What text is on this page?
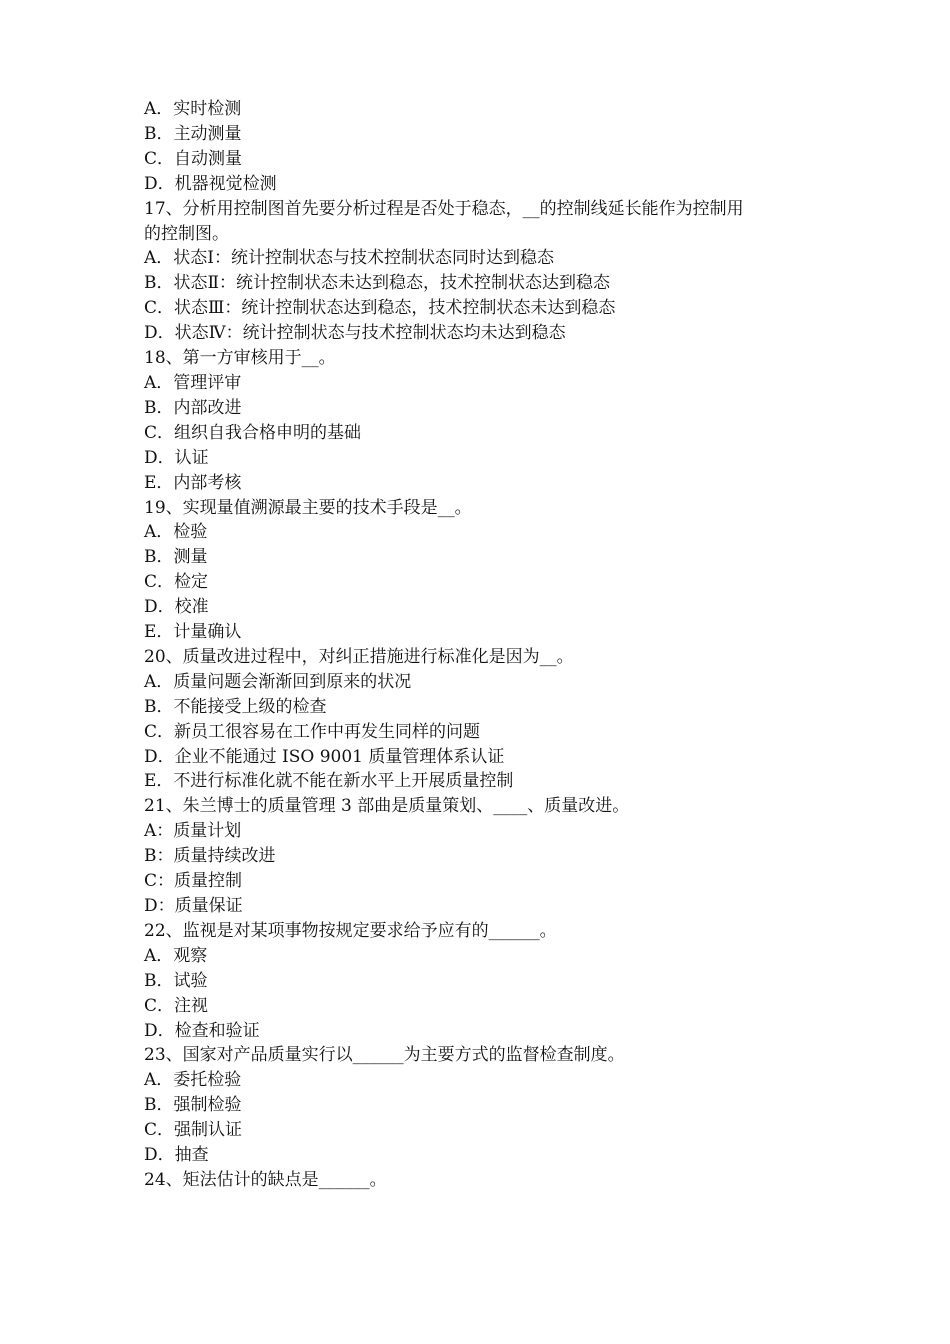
A．实时检测

B．主动测量

C．自动测量

D．机器视觉检测

17、分析用控制图首先要分析过程是否处于稳态，__的控制线延长能作为控制用

的控制图。

A．状态Ⅰ：统计控制状态与技术控制状态同时达到稳态

B．状态Ⅱ：统计控制状态未达到稳态，技术控制状态达到稳态

C．状态Ⅲ：统计控制状态达到稳态，技术控制状态未达到稳态

D．状态Ⅳ：统计控制状态与技术控制状态均未达到稳态

18、第一方审核用于__。

A．管理评审

B．内部改进

C．组织自我合格申明的基础

D．认证

E．内部考核

19、实现量值溯源最主要的技术手段是__。

A．检验

B．测量

C．检定

D．校准

E．计量确认

20、质量改进过程中，对纠正措施进行标准化是因为__。

A．质量问题会渐渐回到原来的状况

B．不能接受上级的检查

C．新员工很容易在工作中再发生同样的问题

D．企业不能通过 ISO 9001 质量管理体系认证

E．不进行标准化就不能在新水平上开展质量控制

21、朱兰博士的质量管理 3 部曲是质量策划、____、质量改进。

A：质量计划

B：质量持续改进

C：质量控制

D：质量保证

22、监视是对某项事物按规定要求给予应有的______。

A．观察

B．试验

C．注视

D．检查和验证

23、国家对产品质量实行以______为主要方式的监督检查制度。

A．委托检验

B．强制检验

C．强制认证

D．抽查

24、矩法估计的缺点是______。
